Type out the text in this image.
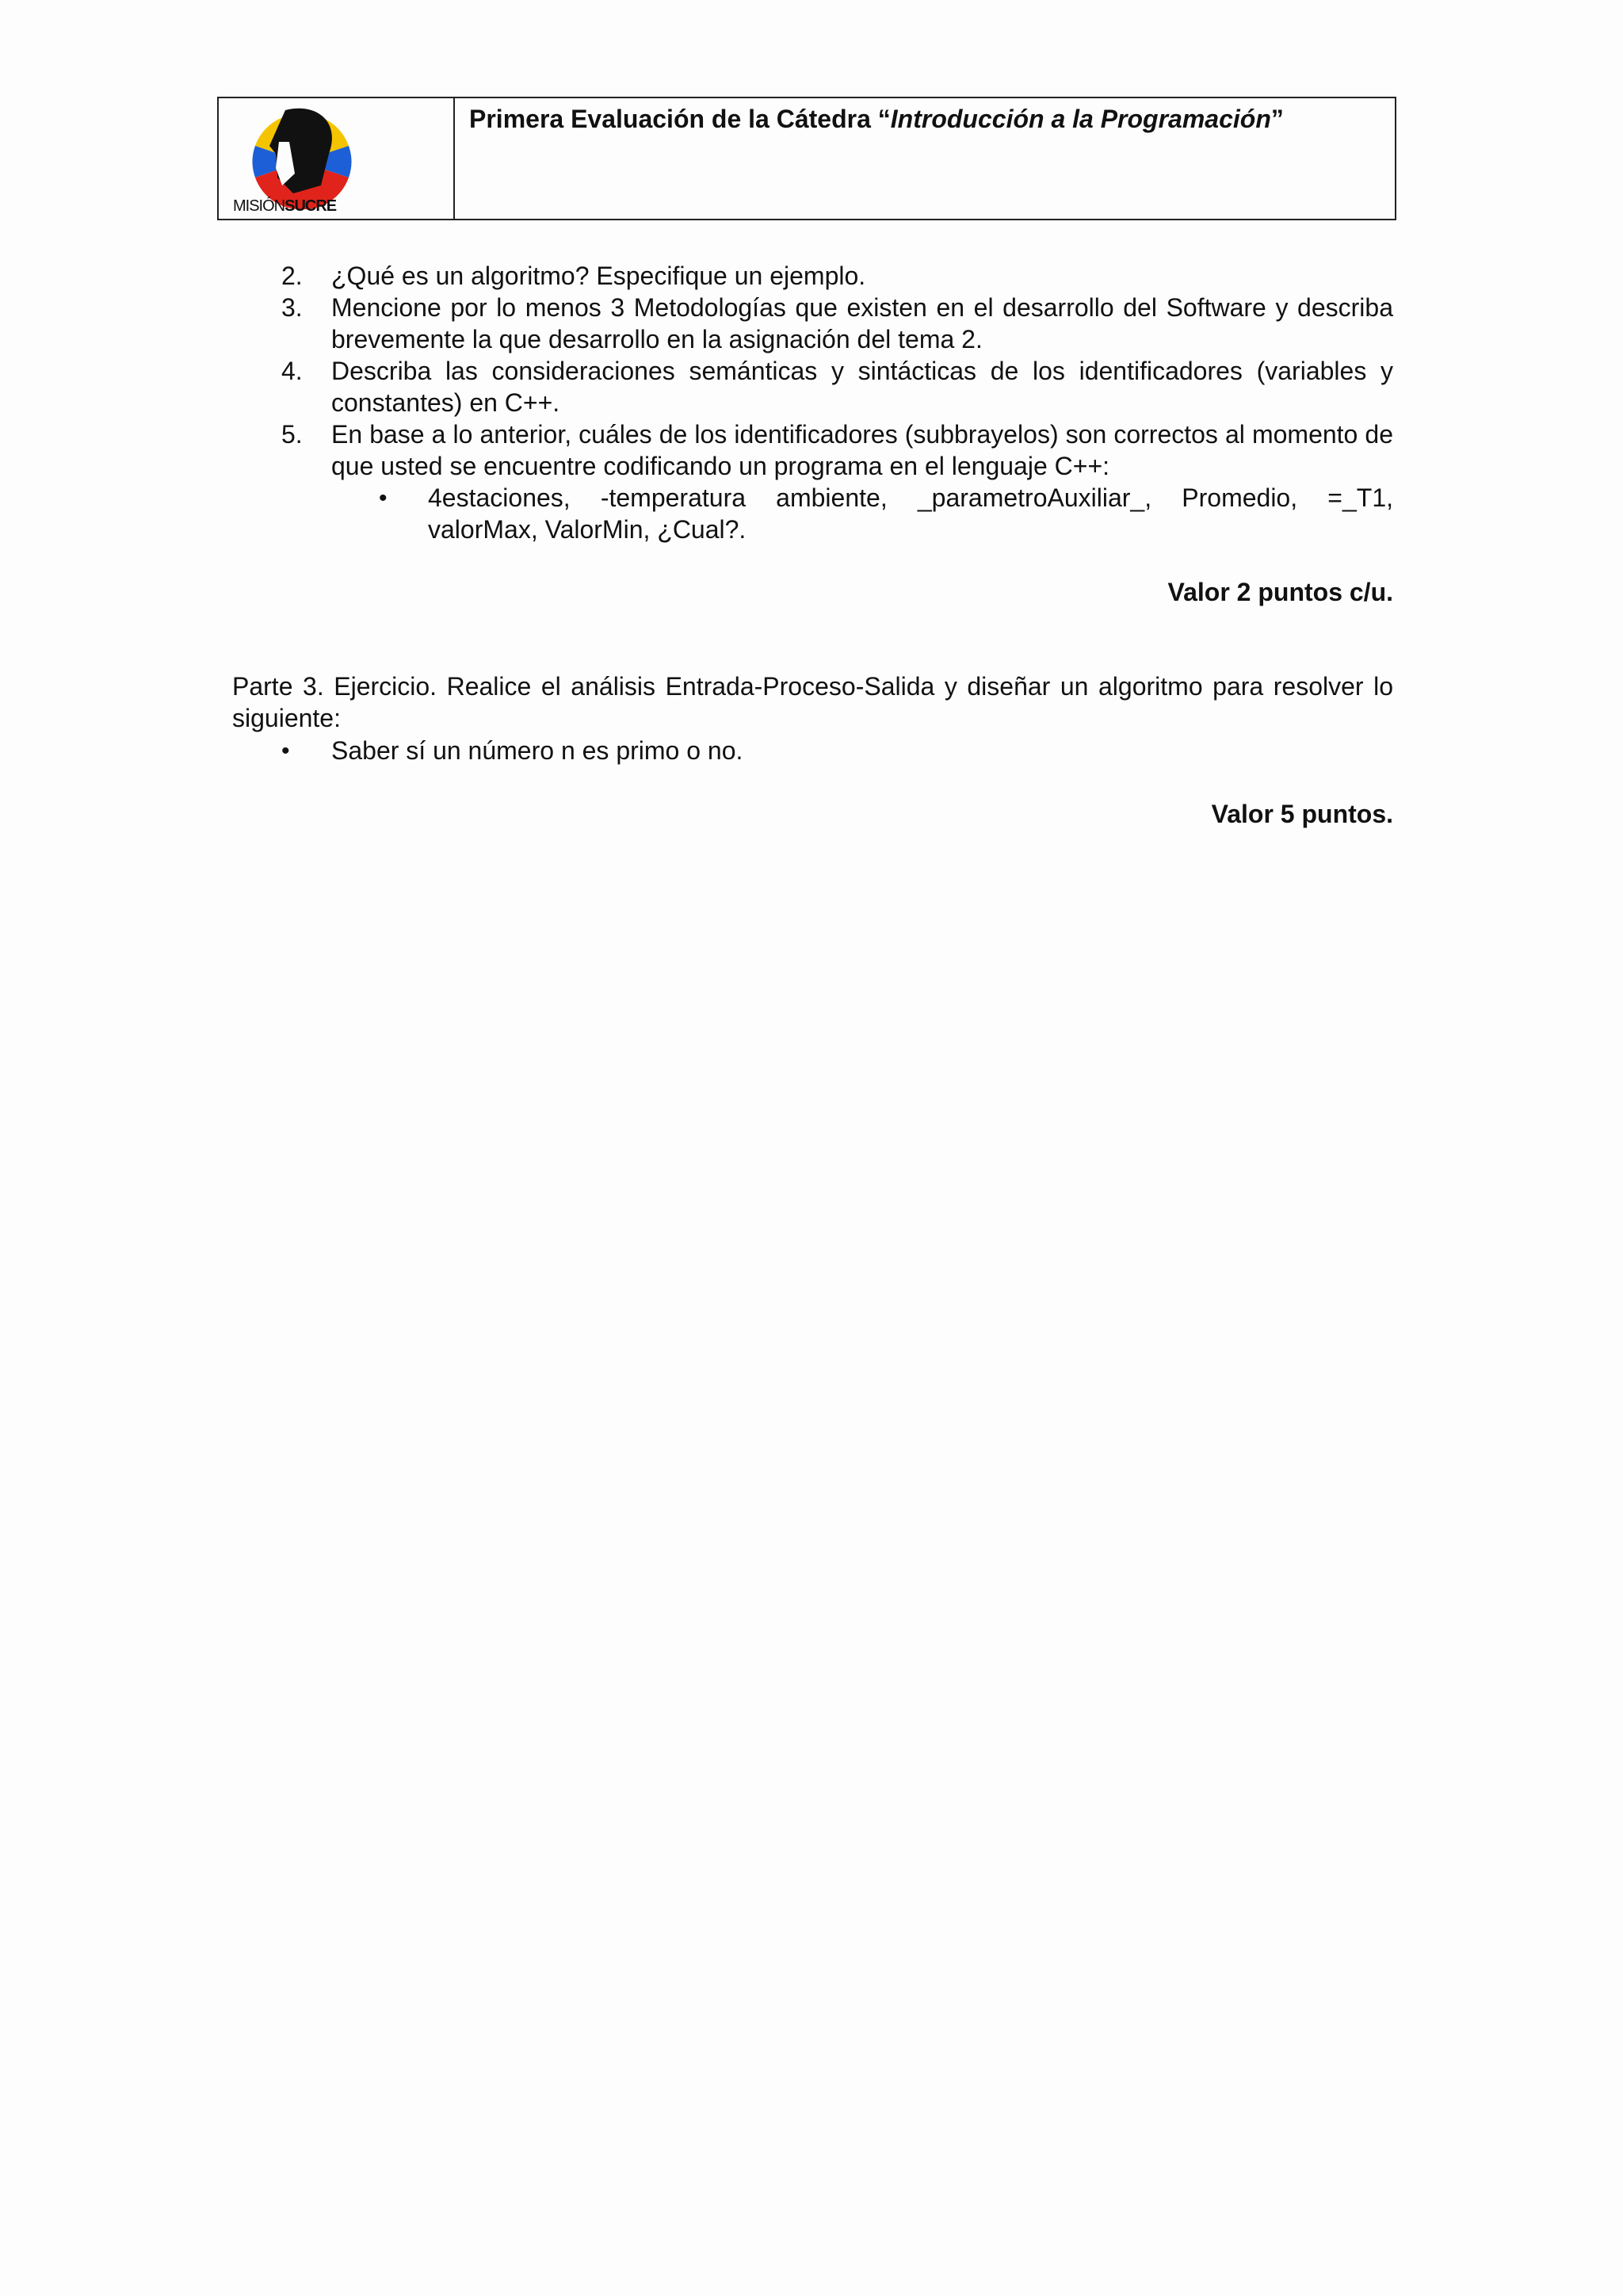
MISIÓNSUCRE
Primera Evaluación de la Cátedra “Introducción a la Programación”
2. ¿Qué es un algoritmo? Especifique un ejemplo.
3. Mencione por lo menos 3 Metodologías que existen en el desarrollo del Software y describa brevemente la que desarrollo en la asignación del tema 2.
4. Describa las consideraciones semánticas y sintácticas de los identificadores (variables y constantes) en C++.
5. En base a lo anterior, cuáles de los identificadores (subbrayelos) son correctos al momento de que usted se encuentre codificando un programa en el lenguaje C++:
• 4estaciones, -temperatura ambiente, _parametroAuxiliar_, Promedio, =_T1, valorMax, ValorMin, ¿Cual?.
Valor 2 puntos c/u.
Parte 3. Ejercicio. Realice el análisis Entrada-Proceso-Salida y diseñar un algoritmo para resolver lo siguiente:
• Saber sí un número n es primo o no.
Valor 5 puntos.
